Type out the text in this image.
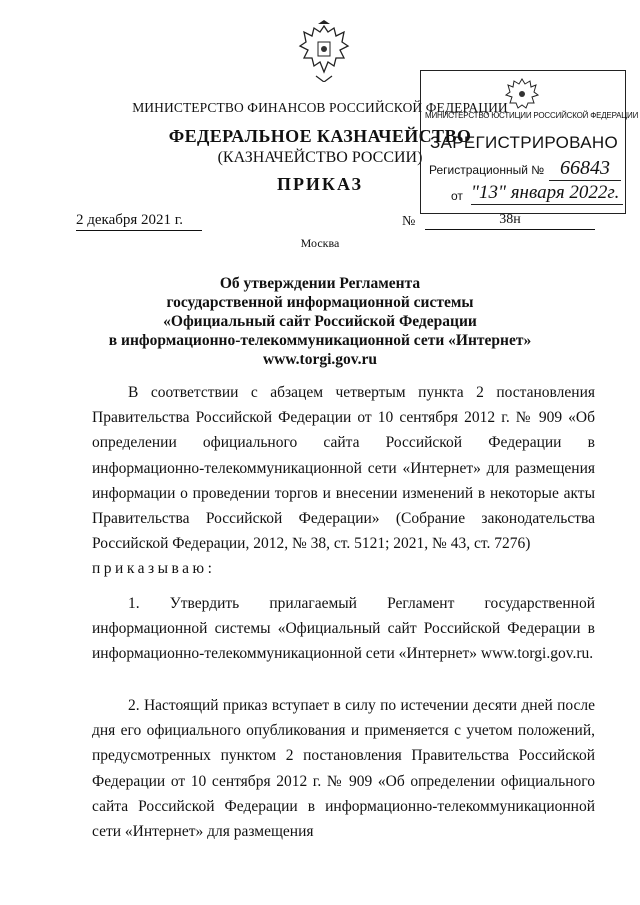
МИНИСТЕРСТВО ФИНАНСОВ РОССИЙСКОЙ ФЕДЕРАЦИИ
ФЕДЕРАЛЬНОЕ КАЗНАЧЕЙСТВО
(КАЗНАЧЕЙСТВО РОССИИ)
ПРИКАЗ
2 декабря 2021 г.	№	38н
Москва
МИНИСТЕРСТВО ЮСТИЦИИ РОССИЙСКОЙ ФЕДЕРАЦИИ
ЗАРЕГИСТРИРОВАНО
Регистрационный № 66843
от "13" января 2022г.
Об утверждении Регламента
государственной информационной системы
«Официальный сайт Российской Федерации
в информационно-телекоммуникационной сети «Интернет»
www.torgi.gov.ru

В соответствии с абзацем четвертым пункта 2 постановления Правительства Российской Федерации от 10 сентября 2012 г. № 909 «Об определении официального сайта Российской Федерации в информационно-телекоммуникационной сети «Интернет» для размещения информации о проведении торгов и внесении изменений в некоторые акты Правительства Российской Федерации» (Собрание законодательства Российской Федерации, 2012, № 38, ст. 5121; 2021, № 43, ст. 7276)

приказываю:

1. Утвердить прилагаемый Регламент государственной информационной системы «Официальный сайт Российской Федерации в информационно-телекоммуникационной сети «Интернет» www.torgi.gov.ru.

2. Настоящий приказ вступает в силу по истечении десяти дней после дня его официального опубликования и применяется с учетом положений, предусмотренных пунктом 2 постановления Правительства Российской Федерации от 10 сентября 2012 г. № 909 «Об определении официального сайта Российской Федерации в информационно-телекоммуникационной сети «Интернет» для размещения
